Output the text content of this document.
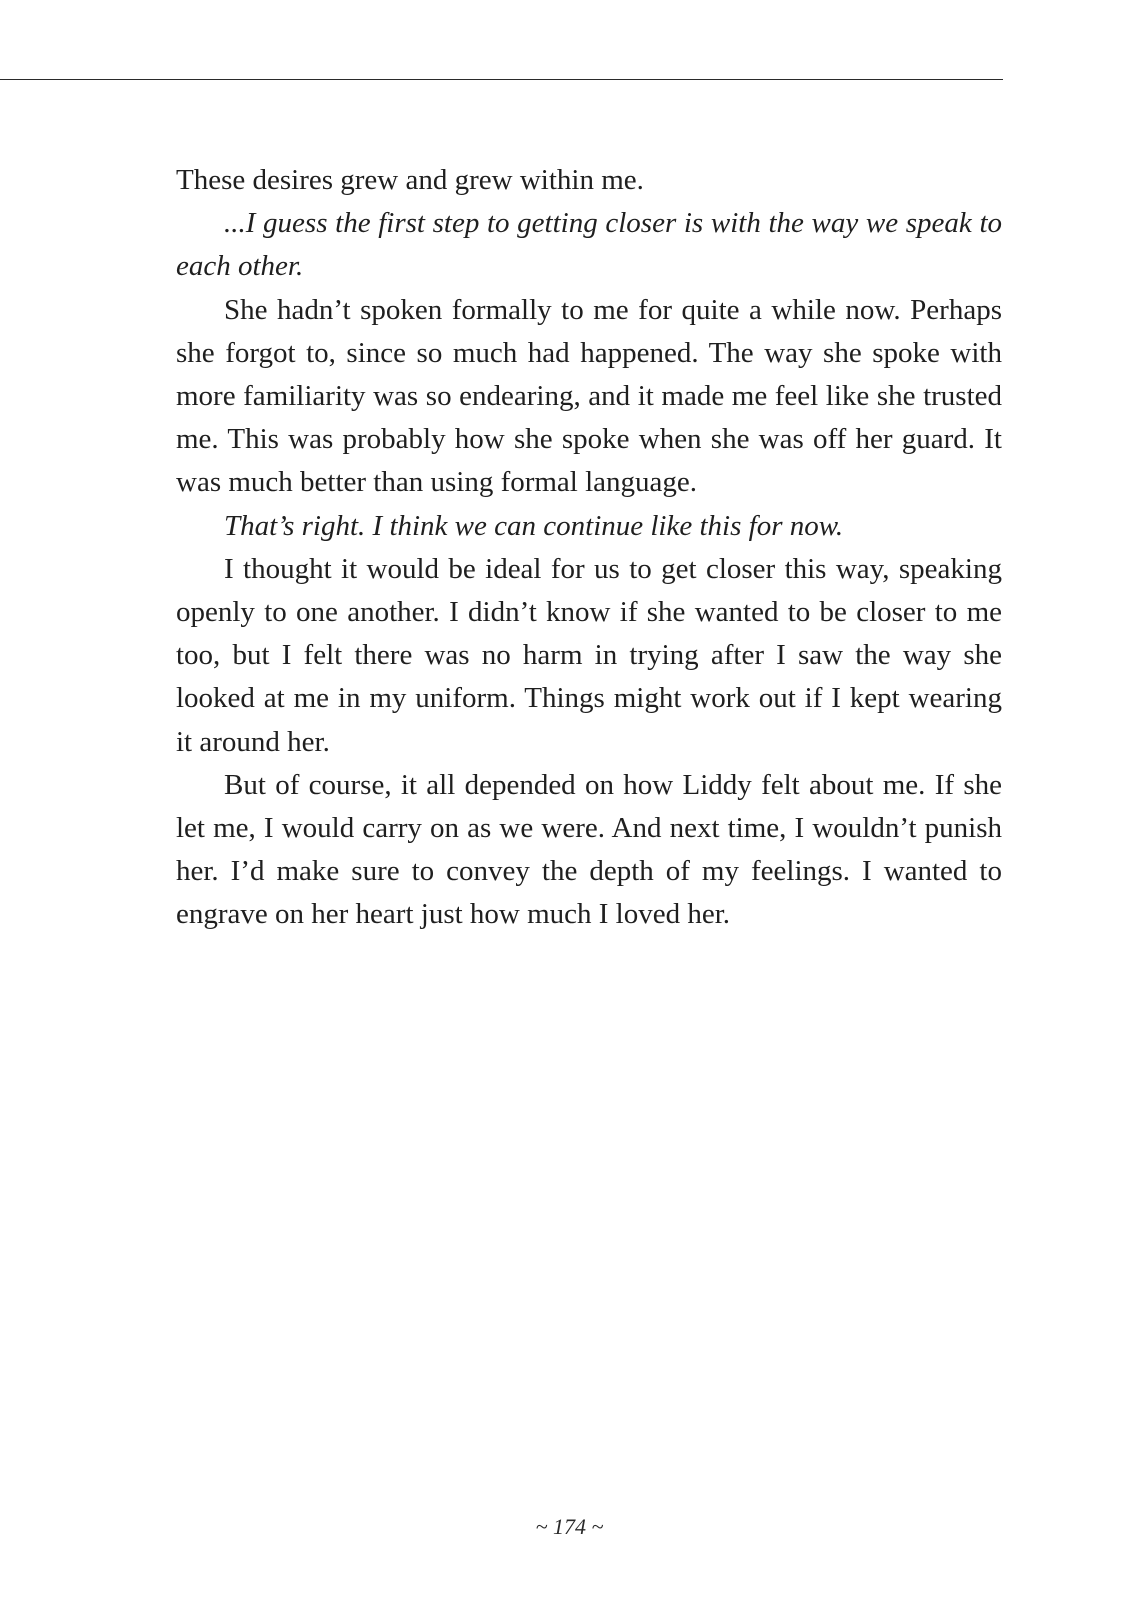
These desires grew and grew within me.

...I guess the first step to getting closer is with the way we speak to each other.

She hadn’t spoken formally to me for quite a while now. Perhaps she forgot to, since so much had happened. The way she spoke with more familiarity was so endearing, and it made me feel like she trusted me. This was probably how she spoke when she was off her guard. It was much better than using formal language.

That’s right. I think we can continue like this for now.

I thought it would be ideal for us to get closer this way, speaking openly to one another. I didn’t know if she wanted to be closer to me too, but I felt there was no harm in trying after I saw the way she looked at me in my uniform. Things might work out if I kept wearing it around her.

But of course, it all depended on how Liddy felt about me. If she let me, I would carry on as we were. And next time, I wouldn’t punish her. I’d make sure to convey the depth of my feelings. I wanted to engrave on her heart just how much I loved her.

~ 174 ~
